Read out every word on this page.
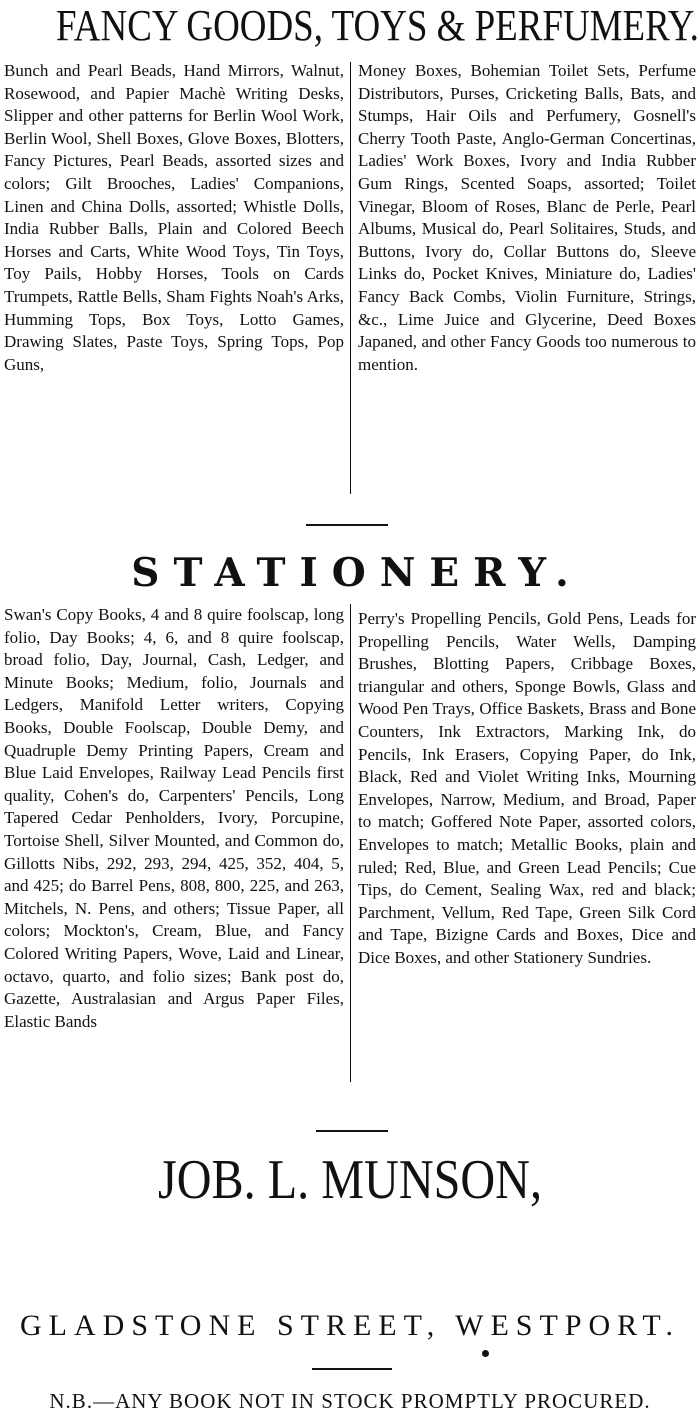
FANCY GOODS, TOYS & PERFUMERY.

Bunch and Pearl Beads, Hand Mirrors, Walnut, Rosewood, and Papier Machè Writing Desks, Slipper and other patterns for Berlin Wool Work, Berlin Wool, Shell Boxes, Glove Boxes, Blotters, Fancy Pictures, Pearl Beads, assorted sizes and colors; Gilt Brooches, Ladies' Companions, Linen and China Dolls, assorted; Whistle Dolls, India Rubber Balls, Plain and Colored Beech Horses and Carts, White Wood Toys, Tin Toys, Toy Pails, Hobby Horses, Tools on Cards Trumpets, Rattle Bells, Sham Fights Noah's Arks, Humming Tops, Box Toys, Lotto Games, Drawing Slates, Paste Toys, Spring Tops, Pop Guns,

Money Boxes, Bohemian Toilet Sets, Perfume Distributors, Purses, Cricketing Balls, Bats, and Stumps, Hair Oils and Perfumery, Gosnell's Cherry Tooth Paste, Anglo-German Concertinas, Ladies' Work Boxes, Ivory and India Rubber Gum Rings, Scented Soaps, assorted; Toilet Vinegar, Bloom of Roses, Blanc de Perle, Pearl Albums, Musical do, Pearl Solitaires, Studs, and Buttons, Ivory do, Collar Buttons do, Sleeve Links do, Pocket Knives, Miniature do, Ladies' Fancy Back Combs, Violin Furniture, Strings, &c., Lime Juice and Glycerine, Deed Boxes Japaned, and other Fancy Goods too numerous to mention.

STATIONERY.

Swan's Copy Books, 4 and 8 quire foolscap, long folio, Day Books; 4, 6, and 8 quire foolscap, broad folio, Day, Journal, Cash, Ledger, and Minute Books; Medium, folio, Journals and Ledgers, Manifold Letter writers, Copying Books, Double Foolscap, Double Demy, and Quadruple Demy Printing Papers, Cream and Blue Laid Envelopes, Railway Lead Pencils first quality, Cohen's do, Carpenters' Pencils, Long Tapered Cedar Penholders, Ivory, Porcupine, Tortoise Shell, Silver Mounted, and Common do, Gillotts Nibs, 292, 293, 294, 425, 352, 404, 5, and 425; do Barrel Pens, 808, 800, 225, and 263, Mitchels, N. Pens, and others; Tissue Paper, all colors; Mockton's, Cream, Blue, and Fancy Colored Writing Papers, Wove, Laid and Linear, octavo, quarto, and folio sizes; Bank post do, Gazette, Australasian and Argus Paper Files, Elastic Bands

Perry's Propelling Pencils, Gold Pens, Leads for Propelling Pencils, Water Wells, Damping Brushes, Blotting Papers, Cribbage Boxes, triangular and others, Sponge Bowls, Glass and Wood Pen Trays, Office Baskets, Brass and Bone Counters, Ink Extractors, Marking Ink, do Pencils, Ink Erasers, Copying Paper, do Ink, Black, Red and Violet Writing Inks, Mourning Envelopes, Narrow, Medium, and Broad, Paper to match; Goffered Note Paper, assorted colors, Envelopes to match; Metallic Books, plain and ruled; Red, Blue, and Green Lead Pencils; Cue Tips, do Cement, Sealing Wax, red and black; Parchment, Vellum, Red Tape, Green Silk Cord and Tape, Bizigne Cards and Boxes, Dice and Dice Boxes, and other Stationery Sundries.

JOB. L. MUNSON,
GLADSTONE STREET, WESTPORT.
N.B.—ANY BOOK NOT IN STOCK PROMPTLY PROCURED.
